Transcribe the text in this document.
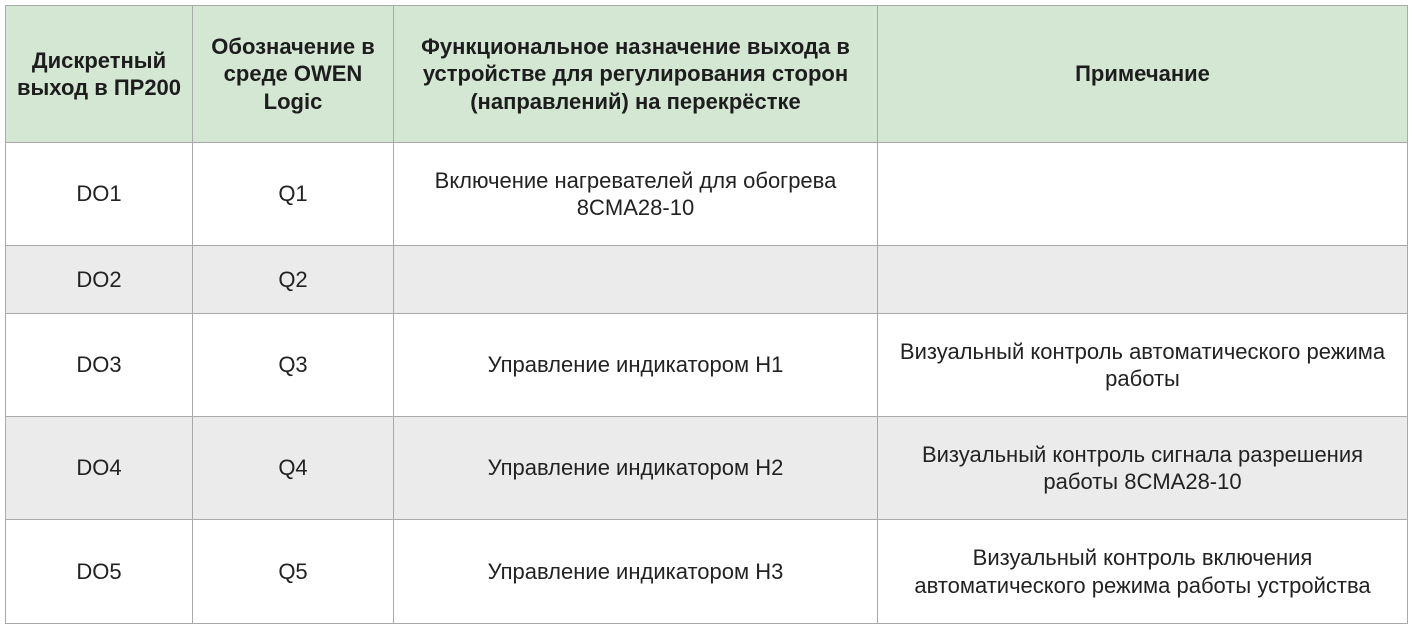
Дискретный выход в ПР200	Обозначение в среде OWEN Logic	Функциональное назначение выхода в устройстве для регулирования сторон (направлений) на перекрёстке	Примечание
DO1	Q1	Включение нагревателей для обогрева 8CMA28-10	
DO2	Q2		
DO3	Q3	Управление индикатором H1	Визуальный контроль автоматического режима работы
DO4	Q4	Управление индикатором H2	Визуальный контроль сигнала разрешения работы 8CMA28-10
DO5	Q5	Управление индикатором H3	Визуальный контроль включения автоматического режима работы устройства
